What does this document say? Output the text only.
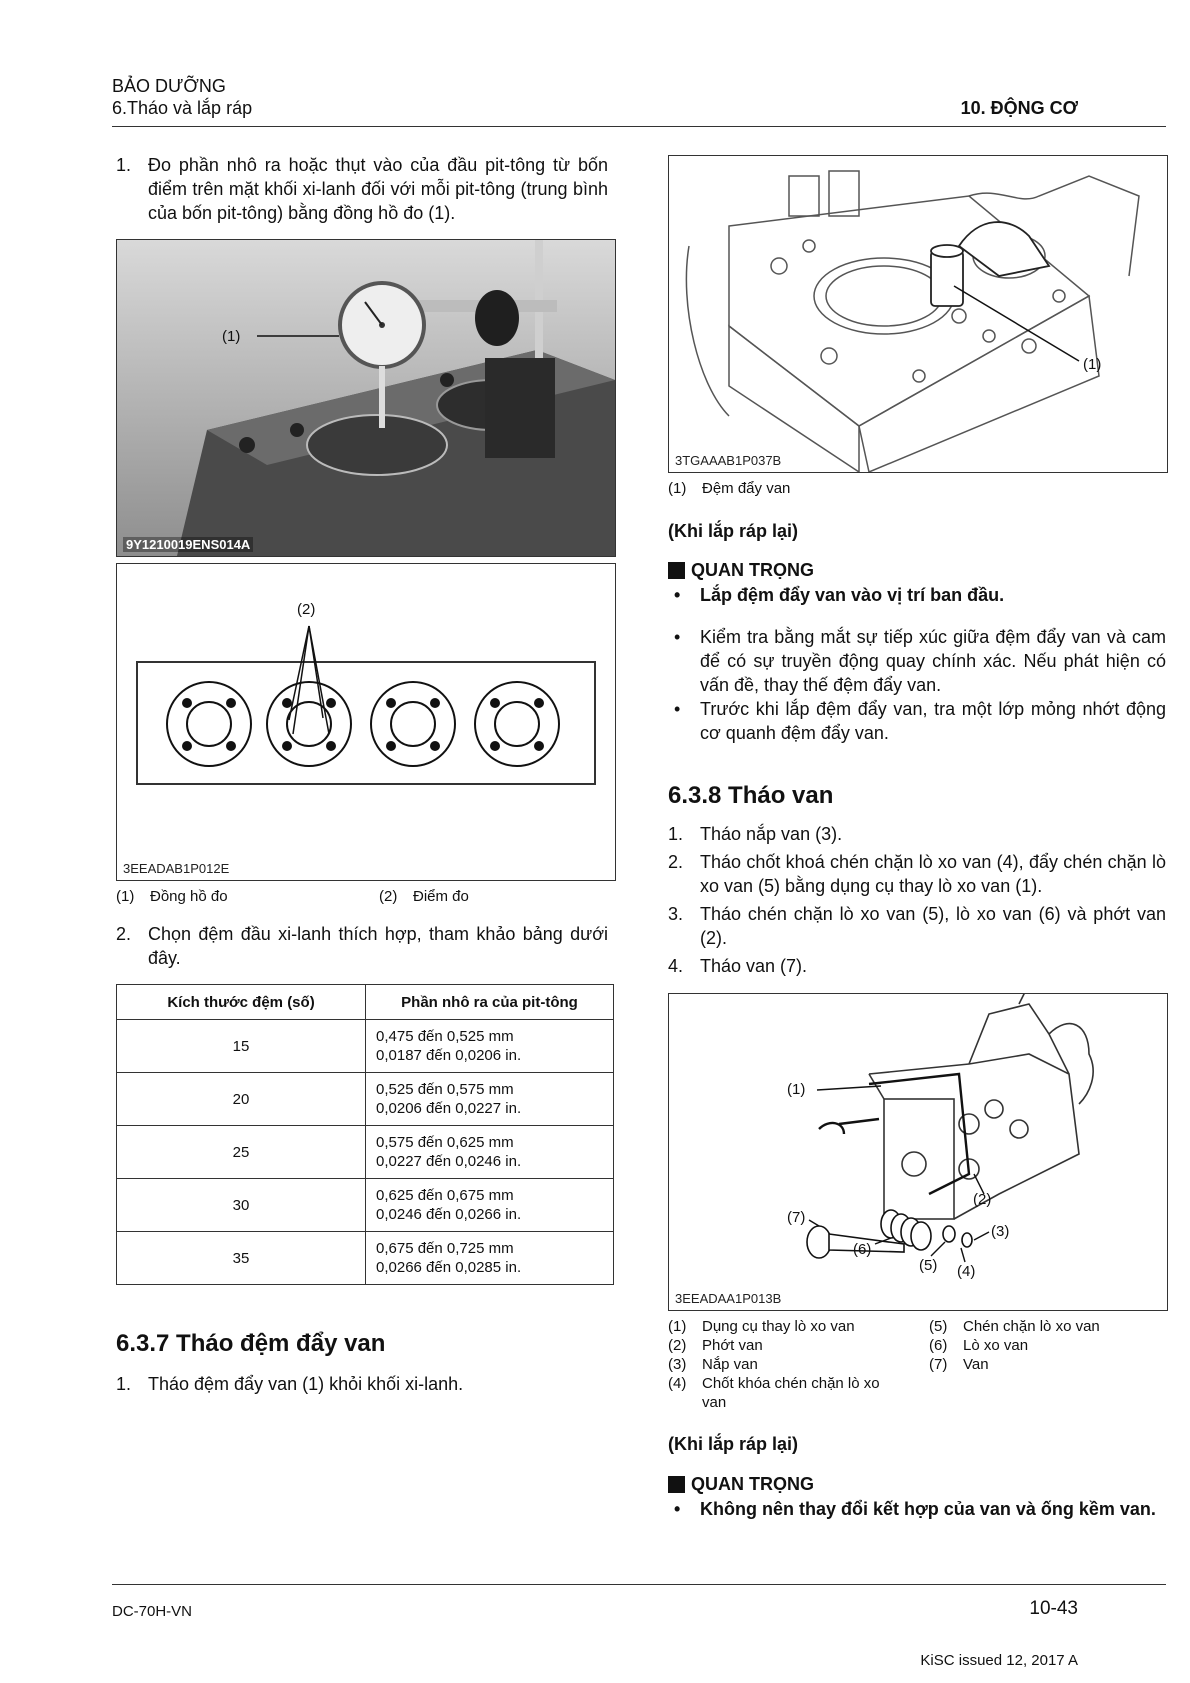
BẢO DƯỠNG
6.Tháo và lắp ráp	10. ĐỘNG CƠ
1. Đo phần nhô ra hoặc thụt vào của đầu pit-tông từ bốn điểm trên mặt khối xi-lanh đối với mỗi pit-tông (trung bình của bốn pit-tông) bằng đồng hồ đo (1).
(1)
9Y1210019ENS014A
(2)
3EEADAB1P012E
(1)	Đồng hồ đo	(2)	Điểm đo
2. Chọn đệm đầu xi-lanh thích hợp, tham khảo bảng dưới đây.
Kích thước đệm (số)	Phần nhô ra của pit-tông
15	0,475 đến 0,525 mm
0,0187 đến 0,0206 in.

20	0,525 đến 0,575 mm
0,0206 đến 0,0227 in.

25	0,575 đến 0,625 mm
0,0227 đến 0,0246 in.

30	0,625 đến 0,675 mm
0,0246 đến 0,0266 in.

35	0,675 đến 0,725 mm
0,0266 đến 0,0285 in.
6.3.7 Tháo đệm đẩy van
1. Tháo đệm đẩy van (1) khỏi khối xi-lanh.
(1)
3TGAAAB1P037B
(1)	Đệm đẩy van
(Khi lắp ráp lại)
QUAN TRỌNG
• Lắp đệm đẩy van vào vị trí ban đầu.
• Kiểm tra bằng mắt sự tiếp xúc giữa đệm đẩy van và cam để có sự truyền động quay chính xác. Nếu phát hiện có vấn đề, thay thế đệm đẩy van.
• Trước khi lắp đệm đẩy van, tra một lớp mỏng nhớt động cơ quanh đệm đẩy van.
6.3.8 Tháo van
1. Tháo nắp van (3).
2. Tháo chốt khoá chén chặn lò xo van (4), đẩy chén chặn lò xo van (5) bằng dụng cụ thay lò xo van (1).
3. Tháo chén chặn lò xo van (5), lò xo van (6) và phớt van (2).
4. Tháo van (7).
(1)
(2)
(3)
(4)
(5)
(6)
(7)
3EEADAA1P013B
(1)	Dụng cụ thay lò xo van
(2)	Phớt van
(3)	Nắp van
(4)	Chốt khóa chén chặn lò xo van
(5)	Chén chặn lò xo van
(6)	Lò xo van
(7)	Van
(Khi lắp ráp lại)
QUAN TRỌNG
• Không nên thay đổi kết hợp của van và ống kềm van.
DC-70H-VN	10-43
KiSC issued 12, 2017 A
